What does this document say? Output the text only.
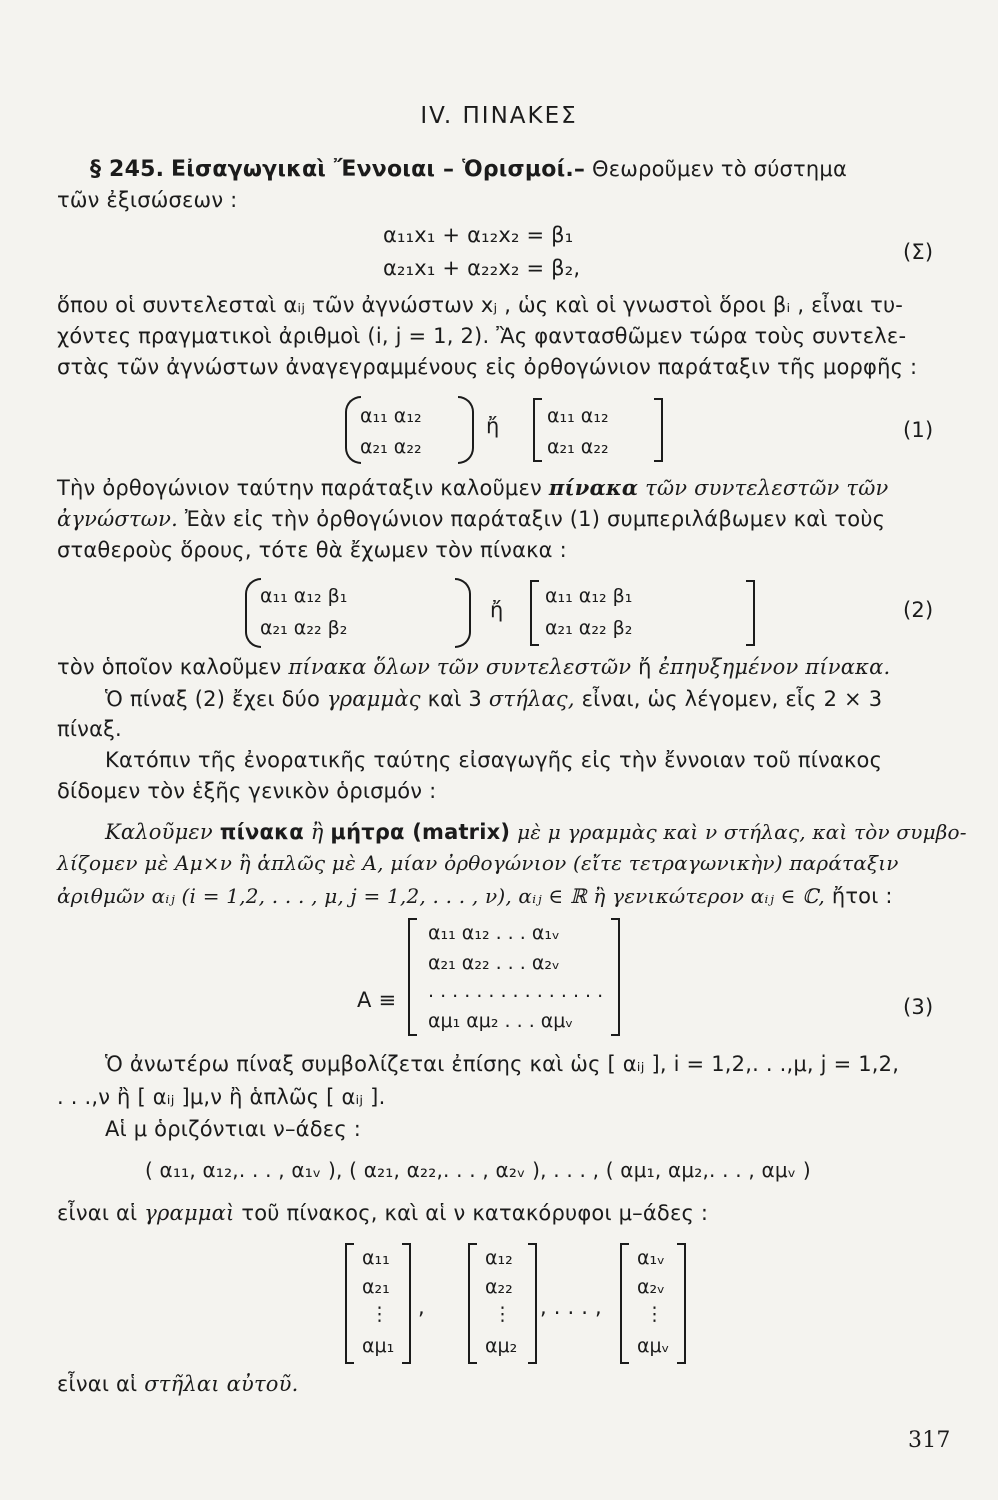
IV. ΠΙΝΑΚΕΣ
§ 245. Εἰσαγωγικαὶ Ἔννοιαι – Ὁρισμοί.– Θεωροῦμεν τὸ σύστημα
τῶν ἐξισώσεων :
α₁₁x₁ + α₁₂x₂ = β₁
α₂₁x₁ + α₂₂x₂ = β₂,
(Σ)
ὅπου οἱ συντελεσταὶ αᵢⱼ τῶν ἀγνώστων xⱼ , ὡς καὶ οἱ γνωστοὶ ὅροι βᵢ , εἶναι τυ-
χόντες πραγματικοὶ ἀριθμοὶ (i, j = 1, 2). Ἂς φαντασθῶμεν τώρα τοὺς συντελε-
στὰς τῶν ἀγνώστων ἀναγεγραμμένους εἰς ὀρθογώνιον παράταξιν τῆς μορφῆς :
α₁₁ α₁₂
α₂₁ α₂₂
ἤ α₁₁ α₁₂
α₂₁ α₂₂
(1)
Τὴν ὀρθογώνιον ταύτην παράταξιν καλοῦμεν πίνακα τῶν συντελεστῶν τῶν
ἀγνώστων. Ἐὰν εἰς τὴν ὀρθογώνιον παράταξιν (1) συμπεριλάβωμεν καὶ τοὺς
σταθεροὺς ὅρους, τότε θὰ ἔχωμεν τὸν πίνακα :
α₁₁ α₁₂ β₁
α₂₁ α₂₂ β₂
ἤ
α₁₁ α₁₂ β₁
α₂₁ α₂₂ β₂
(2)
τὸν ὁποῖον καλοῦμεν πίνακα ὅλων τῶν συντελεστῶν ἤ ἐπηυξημένον πίνακα.
Ὁ πίναξ (2) ἔχει δύο γραμμὰς καὶ 3 στήλας, εἶναι, ὡς λέγομεν, εἷς 2 × 3
πίναξ.
Κατόπιν τῆς ἐνορατικῆς ταύτης εἰσαγωγῆς εἰς τὴν ἔννοιαν τοῦ πίνακος
δίδομεν τὸν ἑξῆς γενικὸν ὁρισμόν :
Καλοῦμεν πίνακα ἢ μήτρα (matrix) μὲ μ γραμμὰς καὶ ν στήλας, καὶ τὸν συμβο-
λίζομεν μὲ Aμ×ν ἢ ἁπλῶς μὲ A, μίαν ὀρθογώνιον (εἴτε τετραγωνικὴν) παράταξιν
ἀριθμῶν αᵢⱼ (i = 1,2, . . . , μ, j = 1,2, . . . , ν), αᵢⱼ ∈ ℝ ἢ γενικώτερον αᵢⱼ ∈ ℂ, ἤτοι :
A ≡
α₁₁ α₁₂ . . . α₁ᵥ
α₂₁ α₂₂ . . . α₂ᵥ
. . . . . . . . . . . . . . .
αμ₁ αμ₂ . . . αμᵥ
(3)
Ὁ ἀνωτέρω πίναξ συμβολίζεται ἐπίσης καὶ ὡς [ αᵢⱼ ], i = 1,2,. . .,μ, j = 1,2,
. . .,ν ἢ [ αᵢⱼ ]μ,ν ἢ ἁπλῶς [ αᵢⱼ ].
Αἱ μ ὁριζόντιαι ν–άδες :
( α₁₁, α₁₂,. . . , α₁ᵥ ), ( α₂₁, α₂₂,. . . , α₂ᵥ ), . . . , ( αμ₁, αμ₂,. . . , αμᵥ )
εἶναι αἱ γραμμαὶ τοῦ πίνακος, καὶ αἱ ν κατακόρυφοι μ–άδες :
α₁₁
α₂₁
⋮
αμ₁
,
α₁₂
α₂₂
⋮
αμ₂
, . . . ,
α₁ᵥ
α₂ᵥ
⋮
αμᵥ
εἶναι αἱ στῆλαι αὐτοῦ.
317
